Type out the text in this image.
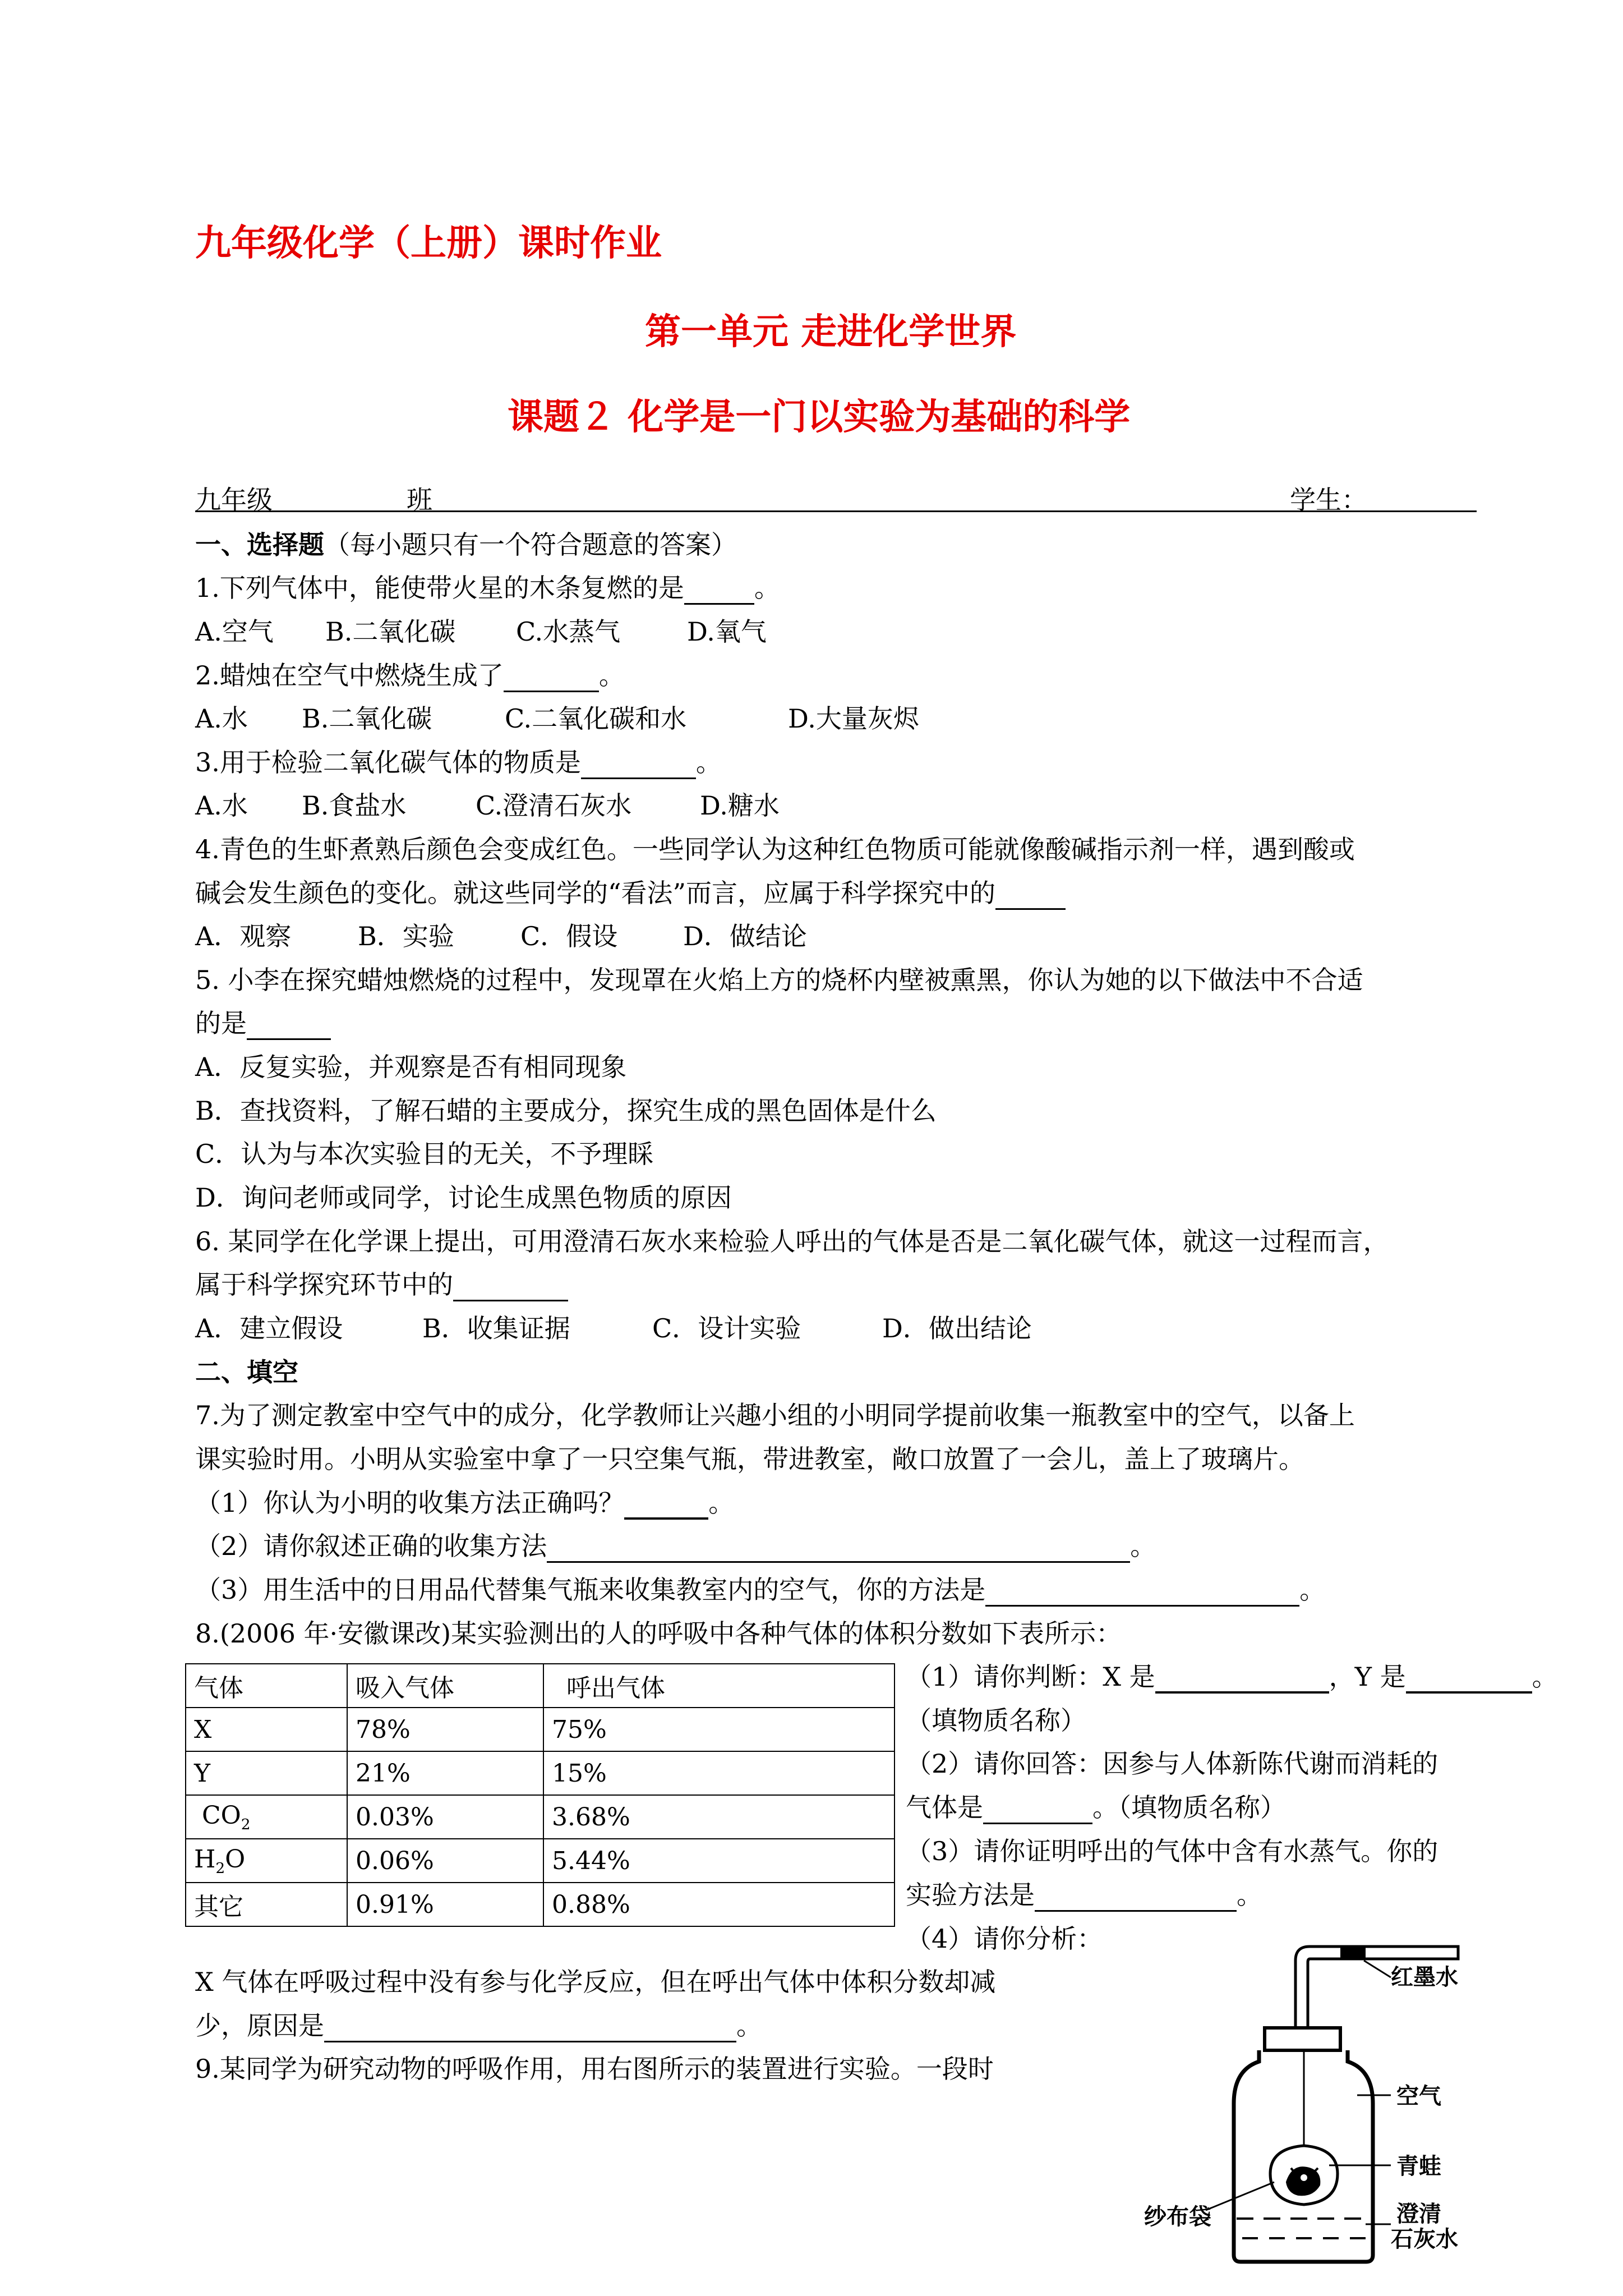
九年级化学（上册）课时作业
第一单元 走进化学世界
课题２ 化学是一门以实验为基础的科学
九年级	班	学生：
一、选择题（每小题只有一个符合题意的答案）
1.下列气体中，能使带火星的木条复燃的是	。
A.空气 B.二氧化碳 C.水蒸气	D.氧气
2.蜡烛在空气中燃烧生成了	。
A.水 B.二氧化碳	C.二氧化碳和水	D.大量灰烬
3.用于检验二氧化碳气体的物质是	。
A.水 B.食盐水	C.澄清石灰水	D.糖水
4.青色的生虾煮熟后颜色会变成红色。一些同学认为这种红色物质可能就像酸碱指示剂一样，遇到酸或
碱会发生颜色的变化。就这些同学的“看法”而言，应属于科学探究中的
A．观察	B．实验	C．假设	D．做结论
5. 小李在探究蜡烛燃烧的过程中，发现罩在火焰上方的烧杯内壁被熏黑，你认为她的以下做法中不合适
的是
A．反复实验，并观察是否有相同现象
B．查找资料，了解石蜡的主要成分，探究生成的黑色固体是什么
C．认为与本次实验目的无关，不予理睬
D．询问老师或同学，讨论生成黑色物质的原因
6. 某同学在化学课上提出，可用澄清石灰水来检验人呼出的气体是否是二氧化碳气体，就这一过程而言，
属于科学探究环节中的
A．建立假设	B．收集证据	C．设计实验	D．做出结论
二、填空
7.为了测定教室中空气中的成分，化学教师让兴趣小组的小明同学提前收集一瓶教室中的空气，以备上
课实验时用。小明从实验室中拿了一只空集气瓶，带进教室，敞口放置了一会儿，盖上了玻璃片。
（1）你认为小明的收集方法正确吗？	。
（2）请你叙述正确的收集方法	。
（3）用生活中的日用品代替集气瓶来收集教室内的空气，你的方法是	。
8.(2006 年·安徽课改)某实验测出的人的呼吸中各种气体的体积分数如下表所示：
气体	吸入气体	呼出气体
X	78%	75%
Y	21%	15%
$CO_2$	0.03%	3.68%
$H_2O$	0.06%	5.44%
其它	0.91%	0.88%
（1）请你判断：X 是	，Y 是	。
（填物质名称）
（2）请你回答：因参与人体新陈代谢而消耗的
气体是	。（填物质名称）
（3）请你证明呼出的气体中含有水蒸气。你的
实验方法是	。
（4）请你分析：
X 气体在呼吸过程中没有参与化学反应，但在呼出气体中体积分数却减
少，原因是	。
9.某同学为研究动物的呼吸作用，用右图所示的装置进行实验。一段时
红墨水
空气
青蛙
澄清
石灰水
纱布袋
